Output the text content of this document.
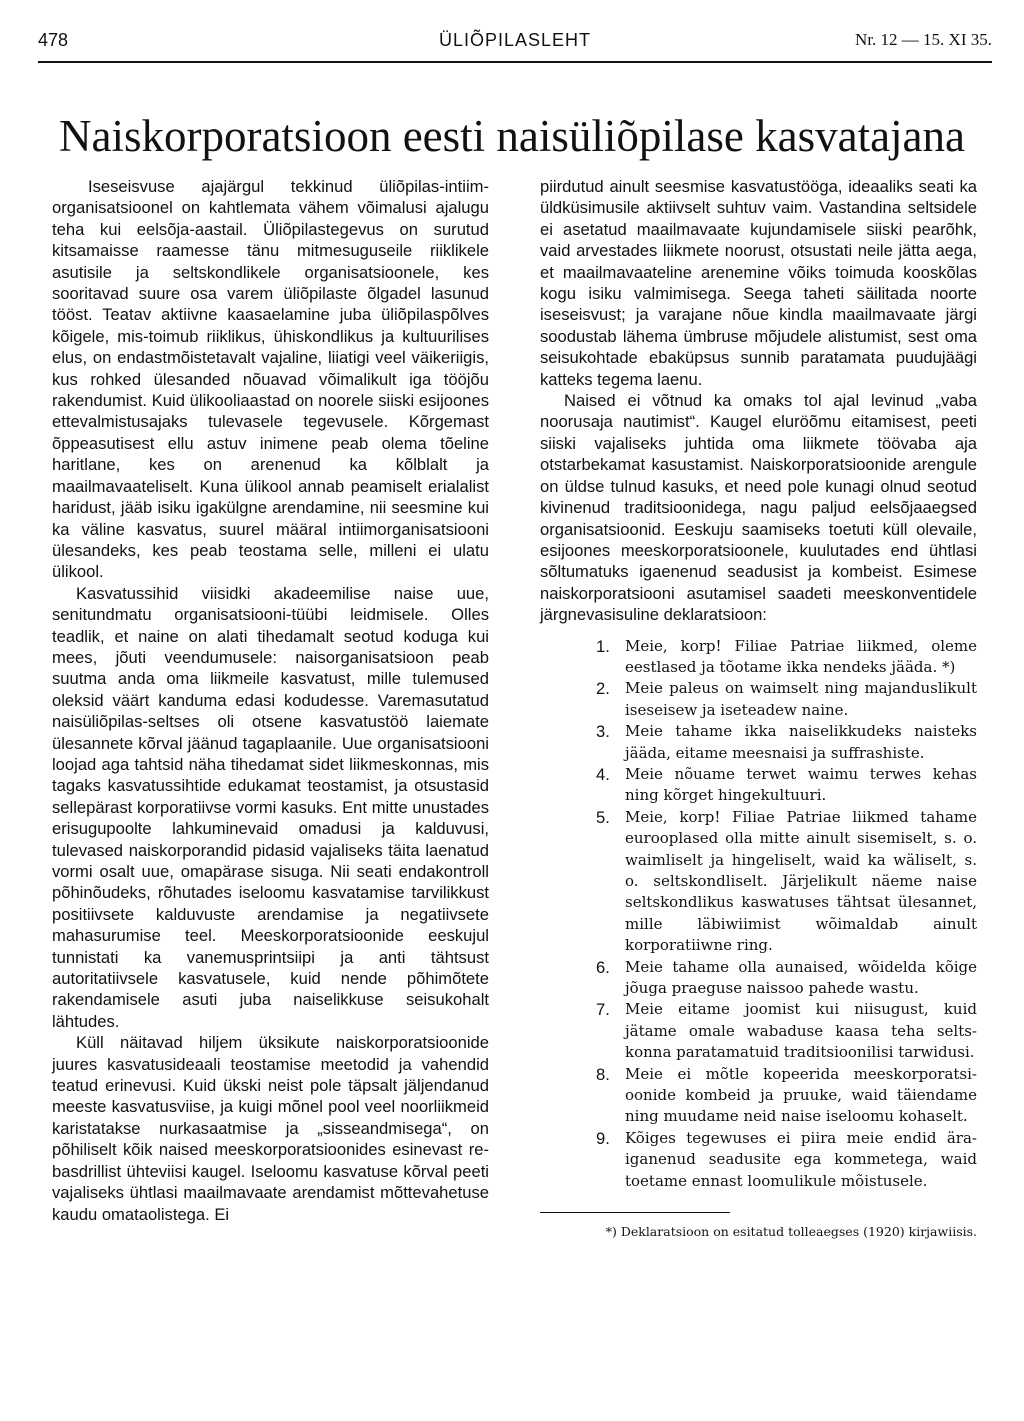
478	ÜLIÕPILASLEHT	Nr. 12 — 15. XI 35.
Naiskorporatsioon eesti naisüliõpilase kasvatajana

Iseseisvuse ajajärgul tekkinud üliõpilas-intiimorganisatsioonel on kahtlemata vähem võimalusi ajalugu teha kui eelsõja-aastail. Üliõpilastegevus on surutud kitsamaisse raamesse tänu mitmesuguseile riiklikele asutisile ja seltskondlikele organisatsioonele, kes sooritavad suure osa varem üliõpilaste õlgadel lasunud tööst. Teatav aktiivne kaasaelamine juba üliõpilaspõlves kõigele, mis-toimub riiklikus, ühiskondlikus ja kultuurilises elus, on endastmõistetavalt vajaline, liiatigi veel väikeriigis, kus rohked ülesanded nõuavad võimalikult iga tööjõu rakendumist. Kuid ülikooliaastad on noorele siiski esijoones ettevalmistusajaks tulevasele tegevusele. Kõrgemast õppeasutisest ellu astuv inimene peab olema tõeline haritlane, kes on arenenud ka kõlblalt ja maailmavaateliselt. Kuna ülikool annab peamiselt erialalist haridust, jääb isiku igakülgne arendamine, nii seesmine kui ka väline kasvatus, suurel määral intiimorganisatsiooni ülesandeks, kes peab teostama selle, milleni ei ulatu ülikool.

Kasvatussihid viisidki akadeemilise naise uue, senitundmatu organisatsiooni-tüübi leidmisele. Olles teadlik, et naine on alati tihedamalt seotud koduga kui mees, jõuti veendumusele: naisorganisatsioon peab suutma anda oma liikmeile kasvatust, mille tulemused oleksid väärt kanduma edasi kodudesse. Varemasutatud naisüliõpilas-seltses oli otsene kasvatustöö laiemate ülesannete kõrval jäänud tagaplaanile. Uue organisatsiooni loojad aga tahtsid näha tihedamat sidet liikmeskonnas, mis tagaks kasvatussihtide edukamat teostamist, ja otsustasid sellepärast korporatiivse vormi kasuks. Ent mitte unustades erisugupoolte lahkuminevaid omadusi ja kalduvusi, tulevased naiskorporandid pidasid vajaliseks täita laenatud vormi osalt uue, omapärase sisuga. Nii seati endakontroll põhinõudeks, rõhutades iseloomu kasvatamise tarvilikkust positiivsete kalduvuste arendamise ja negatiivsete mahasurumise teel. Meeskorporatsioonide eeskujul tunnistati ka vanemusprintsiipi ja anti tähtsust autoritatiivsele kasvatusele, kuid nende põhimõtete rakendamisele asuti juba naiselikkuse seisukohalt lähtudes.

Küll näitavad hiljem üksikute naiskorporatsioonide juures kasvatusideaali teostamise meetodid ja vahendid teatud erinevusi. Kuid ükski neist pole täpsalt jäljendanud meeste kasvatusviise, ja kuigi mõnel pool veel noorliikmeid karistatakse nurkasaatmise ja „sisseandmisega“, on põhiliselt kõik naised meeskorporatsioonides esinevast rebasdrillist ühteviisi kaugel. Iseloomu kasvatuse kõrval peeti vajaliseks ühtlasi maailmavaate arendamist mõttevahetuse kaudu omataolistega. Ei

piirdutud ainult seesmise kasvatustööga, ideaaliks seati ka üldküsimusile aktiivselt suhtuv vaim. Vastandina seltsidele ei asetatud maailmavaate kujundamisele siiski pearõhk, vaid arvestades liikmete noorust, otsustati neile jätta aega, et maailmavaateline arenemine võiks toimuda kooskõlas kogu isiku valmimisega. Seega taheti säilitada noorte iseseisvust; ja varajane nõue kindla maailmavaate järgi soodustab lähema ümbruse mõjudele alistumist, sest oma seisukohtade ebaküpsus sunnib paratamata puudujäägi katteks tegema laenu.

Naised ei võtnud ka omaks tol ajal levinud „vaba noorusaja nautimist“. Kaugel eluröõmu eitamisest, peeti siiski vajaliseks juhtida oma liikmete töövaba aja otstarbekamat kasustamist. Naiskorporatsioonide arengule on üldse tulnud kasuks, et need pole kunagi olnud seotud kivinenud traditsioonidega, nagu paljud eelsõjaaegsed organisatsioonid. Eeskuju saamiseks toetuti küll olevaile, esijoones meeskorporatsioonele, kuulutades end ühtlasi sõltumatuks igaenenud seadusist ja kombeist. Esimese naiskorporatsiooni asutamisel saadeti meeskonventidele järgnevasisuline deklaratsioon:

1. Meie, korp! Filiae Patriae liikmed, oleme eestlased ja tõotame ikka nendeks jääda. *)
2. Meie paleus on waimselt ning majanduslikult iseseisew ja iseteadew naine.
3. Meie tahame ikka naiselikkudeks naisteks jääda, eitame meesnaisi ja suffrashiste.
4. Meie nõuame terwet waimu terwes kehas ning kõrget hingekultuuri.
5. Meie, korp! Filiae Patriae liikmed tahame eurooplased olla mitte ainult sisemiselt, s. o. waimliselt ja hingeliselt, waid ka wäliselt, s. o. seltskondliselt. Järjelikult näeme naise seltskondlikus kaswatuses tähtsat ülesannet, mille läbiwiimist wõimaldab ainult korporatiiwne ring.
6. Meie tahame olla aunaised, wõideldа kõige jõuga praegusе naissoo pahede wastu.
7. Meie eitame joomist kui niisugust, kuid jätame omale wabaduse kaasa teha seltskonna paratamatuid traditsioonilisi tarwidusi.
8. Meie ei mõtle kopeerida meeskorporatsioonide kombeid ja pruuke, waid täiendame ning muudame neid naise iseloomu kohaselt.
9. Kõiges tegewuses ei piira meie endid äraiganenud seadusite ega kommetega, waid toetame ennast loomulikule mõistusele.
*) Deklaratsioon on esitatud tolleaegses (1920) kirjawiisis.
